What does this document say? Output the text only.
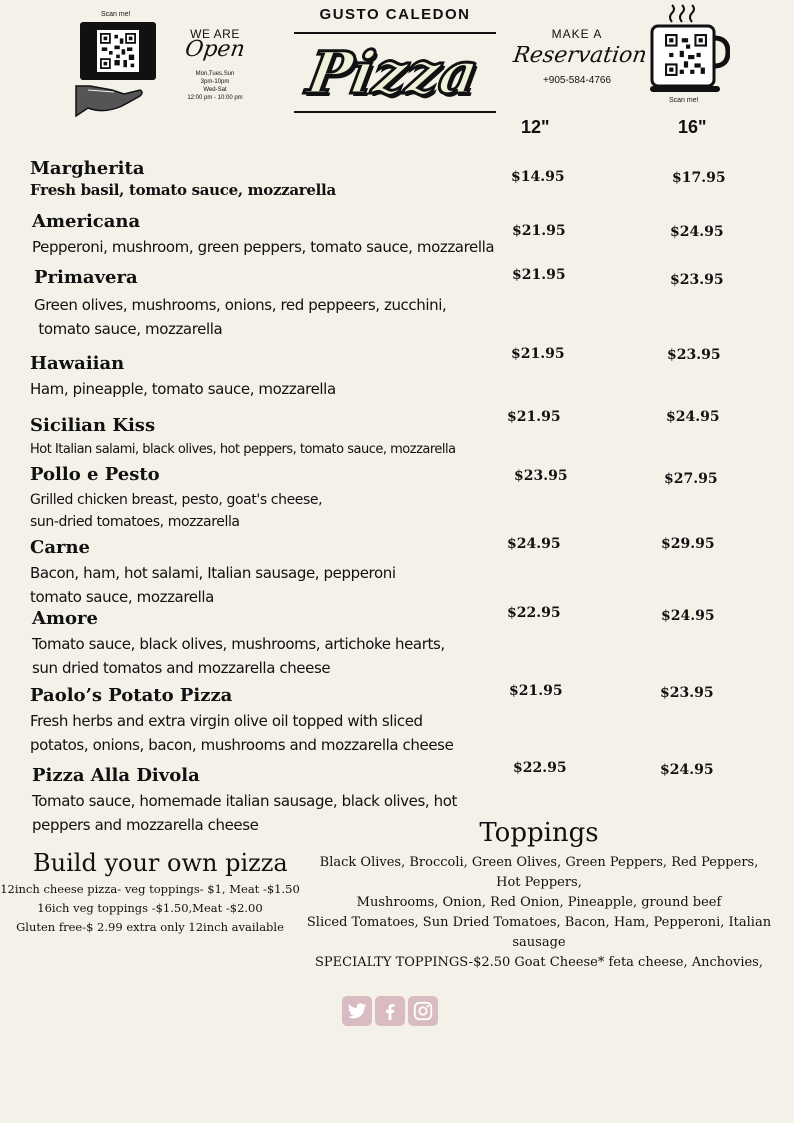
Scan me!
WE ARE
Open
Mon,Tues,Sun
3pm-10pm
Wed-Sat
12:00 pm - 10:00 pm
GUSTO CALEDON
Pizza
MAKE A
Reservation
+905-584-4766
Scan me!
12"	16"
Margherita
Fresh basil, tomato sauce, mozzarella
$14.95	$17.95
Americana
Pepperoni, mushroom, green peppers, tomato sauce, mozzarella
$21.95	$24.95
Primavera
Green olives, mushrooms, onions, red peppeers, zucchini,
tomato sauce, mozzarella
$21.95	$23.95
Hawaiian
Ham, pineapple, tomato sauce, mozzarella
$21.95	$23.95
Sicilian Kiss
Hot Italian salami, black olives, hot peppers, tomato sauce, mozzarella
$21.95	$24.95
Pollo e Pesto
Grilled chicken breast, pesto, goat's cheese,
sun-dried tomatoes, mozzarella
$23.95	$27.95
Carne
Bacon, ham, hot salami, Italian sausage, pepperoni
tomato sauce, mozzarella
$24.95	$29.95
Amore
Tomato sauce, black olives, mushrooms, artichoke hearts,
sun dried tomatos and mozzarella cheese
$22.95	$24.95
Paolo’s Potato Pizza
Fresh herbs and extra virgin olive oil topped with sliced
potatos, onions, bacon, mushrooms and mozzarella cheese
$21.95	$23.95
Pizza Alla Divola
Tomato sauce, homemade italian sausage, black olives, hot
peppers and mozzarella cheese
$22.95	$24.95
Build your own pizza
12inch cheese pizza- veg toppings- $1, Meat -$1.50
16ich veg toppings -$1.50,Meat -$2.00
Gluten free-$ 2.99 extra only 12inch available
Toppings
Black Olives, Broccoli, Green Olives, Green Peppers, Red Peppers, Hot Peppers,
Mushrooms, Onion, Red Onion, Pineapple, ground beef
Sliced Tomatoes, Sun Dried Tomatoes, Bacon, Ham, Pepperoni, Italian sausage
SPECIALTY TOPPINGS-$2.50 Goat Cheese* feta cheese, Anchovies,
